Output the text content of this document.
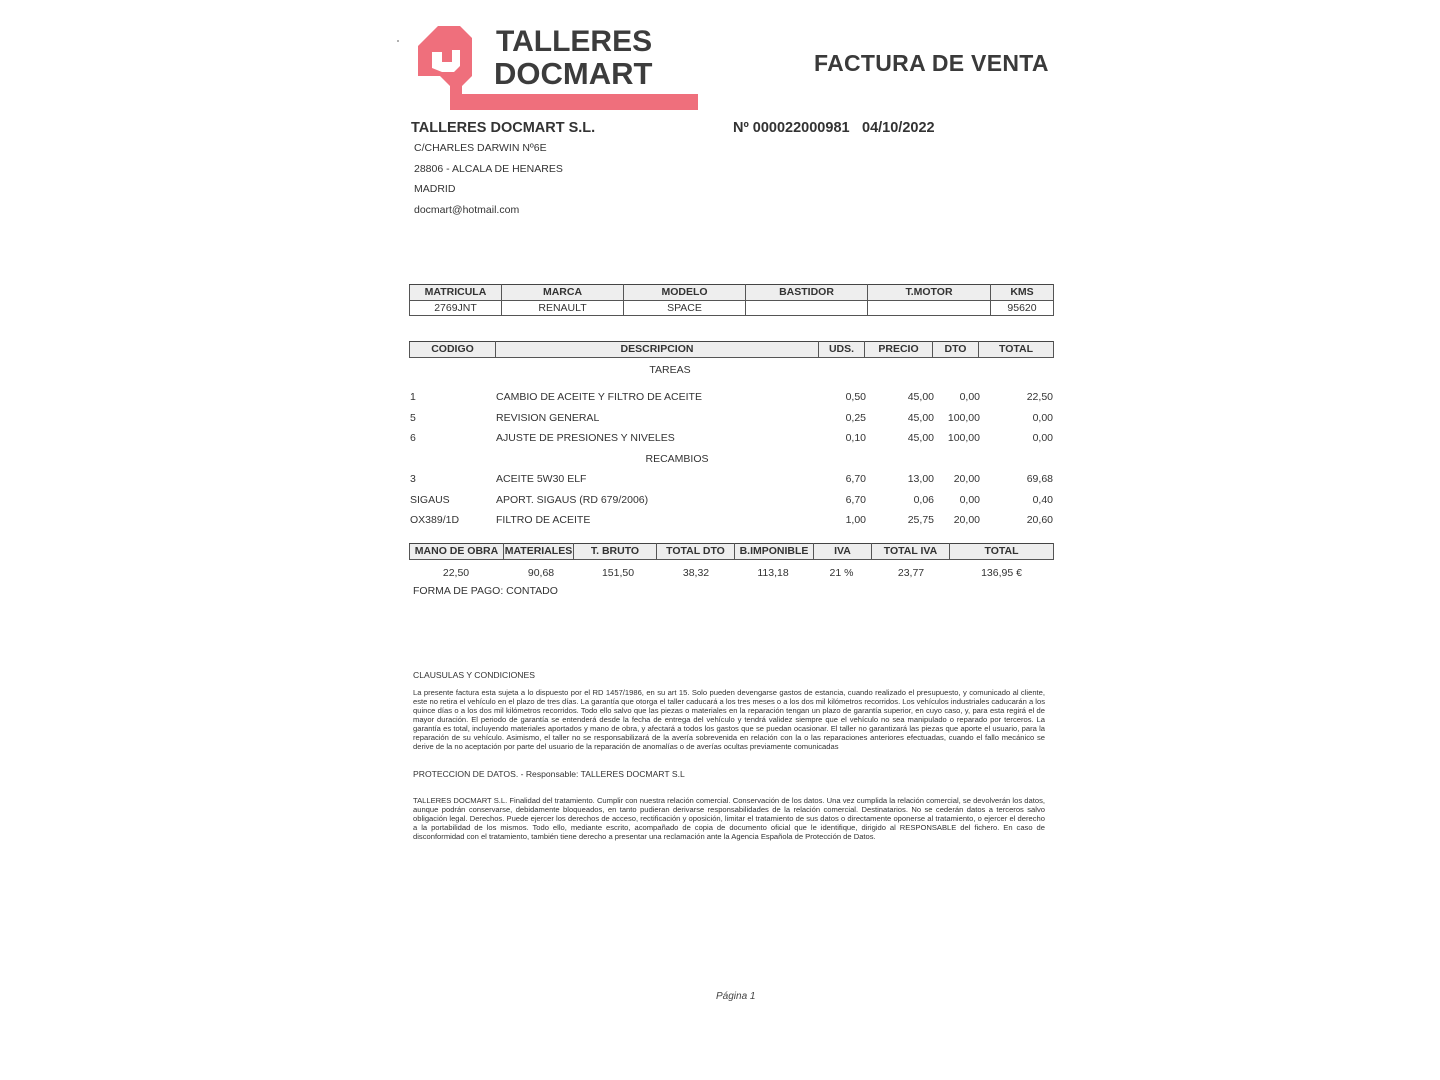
TALLERES
DOCMART	FACTURA DE VENTA
TALLERES DOCMART S.L.	Nº 000022000981 04/10/2022
C/CHARLES DARWIN Nº6E
28806 - ALCALA DE HENARES
MADRID
docmart@hotmail.com
MATRICULA	MARCA	MODELO	BASTIDOR	T.MOTOR	KMS
2769JNT	RENAULT	SPACE			95620
CODIGO	DESCRIPCION	UDS.	PRECIO	DTO	TOTAL
TAREAS
1	CAMBIO DE ACEITE Y FILTRO DE ACEITE	0,50	45,00 0,00	22,50
5	REVISION GENERAL	0,25	45,00 100,00	0,00
6	AJUSTE DE PRESIONES Y NIVELES	0,10	45,00 100,00	0,00
RECAMBIOS
3	ACEITE 5W30 ELF	6,70	13,00 20,00	69,68
SIGAUS	APORT. SIGAUS (RD 679/2006)	6,70	0,06 0,00	0,40
OX389/1D	FILTRO DE ACEITE	1,00	25,75 20,00	20,60
MANO DE OBRA	MATERIALES	T. BRUTO	TOTAL DTO	B.IMPONIBLE	IVA	TOTAL IVA	TOTAL
22,50	90,68	151,50	38,32	113,18	21 %	23,77	136,95 €
FORMA DE PAGO: CONTADO
CLAUSULAS Y CONDICIONES
La presente factura esta sujeta a lo dispuesto por el RD 1457/1986, en su art 15. Solo pueden devengarse gastos de estancia, cuando realizado el presupuesto, y comunicado al cliente, este no retira el vehículo en el plazo de tres días. La garantía que otorga el taller caducará a los tres meses o a los dos mil kilómetros recorridos. Los vehículos industriales caducarán a los quince días o a los dos mil kilómetros recorridos. Todo ello salvo que las piezas o materiales en la reparación tengan un plazo de garantía superior, en cuyo caso, y, para esta regirá el de mayor duración. El periodo de garantía se entenderá desde la fecha de entrega del vehículo y tendrá validez siempre que el vehículo no sea manipulado o reparado por terceros. La garantía es total, incluyendo materiales aportados y mano de obra, y afectará a todos los gastos que se puedan ocasionar. El taller no garantizará las piezas que aporte el usuario, para la reparación de su vehículo. Asimismo, el taller no se responsabilizará de la avería sobrevenida en relación con la o las reparaciones anteriores efectuadas, cuando el fallo mecánico se derive de la no aceptación por parte del usuario de la reparación de anomalías o de averías ocultas previamente comunicadas
PROTECCION DE DATOS. - Responsable: TALLERES DOCMART S.L
TALLERES DOCMART S.L. Finalidad del tratamiento. Cumplir con nuestra relación comercial. Conservación de los datos. Una vez cumplida la relación comercial, se devolverán los datos, aunque podrán conservarse, debidamente bloqueados, en tanto pudieran derivarse responsabilidades de la relación comercial. Destinatarios. No se cederán datos a terceros salvo obligación legal. Derechos. Puede ejercer los derechos de acceso, rectificación y oposición, limitar el tratamiento de sus datos o directamente oponerse al tratamiento, o ejercer el derecho a la portabilidad de los mismos. Todo ello, mediante escrito, acompañado de copia de documento oficial que le identifique, dirigido al RESPONSABLE del fichero. En caso de disconformidad con el tratamiento, también tiene derecho a presentar una reclamación ante la Agencia Española de Protección de Datos.
Página 1
